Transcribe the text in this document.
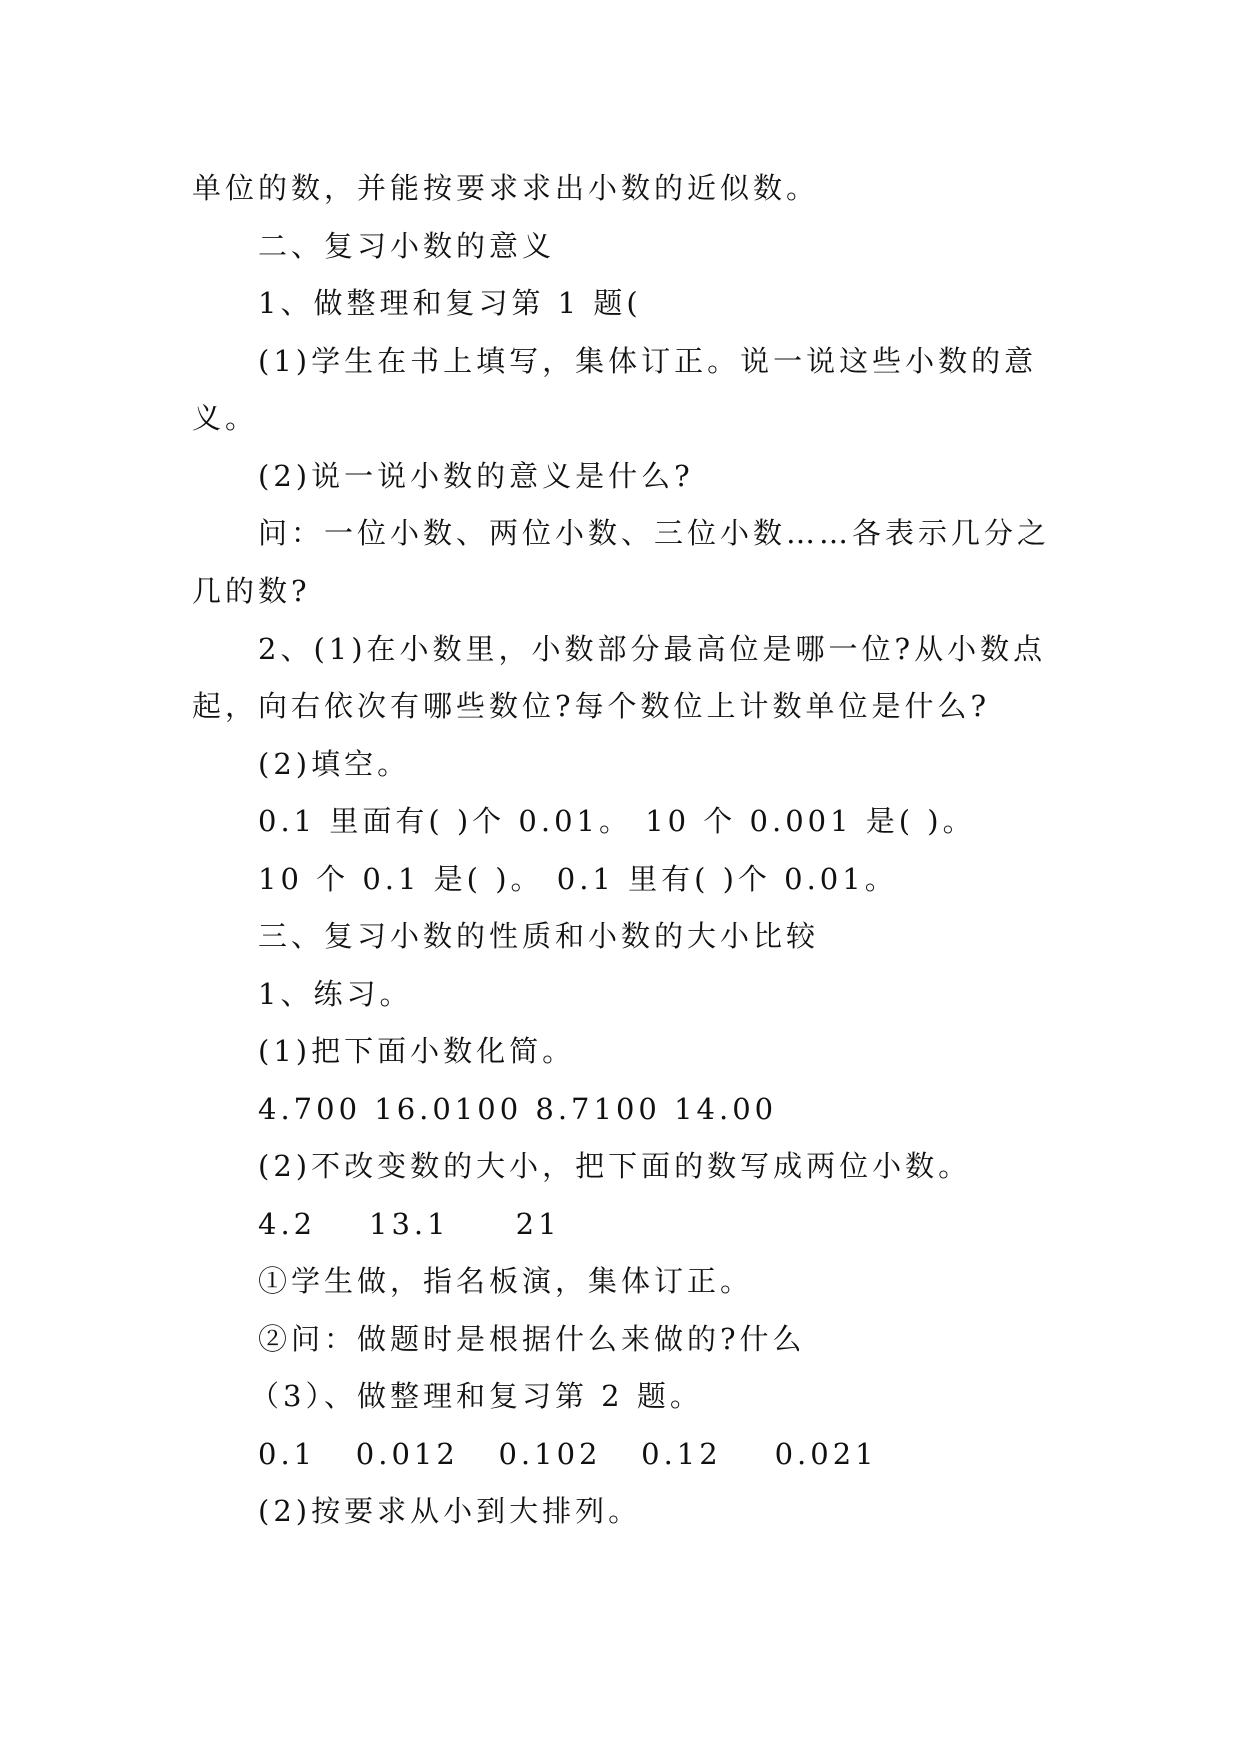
单位的数，并能按要求求出小数的近似数。
二、复习小数的意义
1、做整理和复习第 1 题(
(1)学生在书上填写，集体订正。说一说这些小数的意
义。
(2)说一说小数的意义是什么?
问：一位小数、两位小数、三位小数……各表示几分之
几的数?
2、(1)在小数里，小数部分最高位是哪一位?从小数点
起，向右依次有哪些数位?每个数位上计数单位是什么?
(2)填空。
0.1 里面有( )个 0.01。 10 个 0.001 是( )。
10 个 0.1 是( )。 0.1 里有( )个 0.01。
三、复习小数的性质和小数的大小比较
1、练习。
(1)把下面小数化简。
4.700 16.0100 8.7100 14.00
(2)不改变数的大小，把下面的数写成两位小数。
4.2    13.1     21
①学生做，指名板演，集体订正。
②问：做题时是根据什么来做的?什么
（3）、做整理和复习第 2 题。
0.1   0.012   0.102   0.12    0.021
(2)按要求从小到大排列。
